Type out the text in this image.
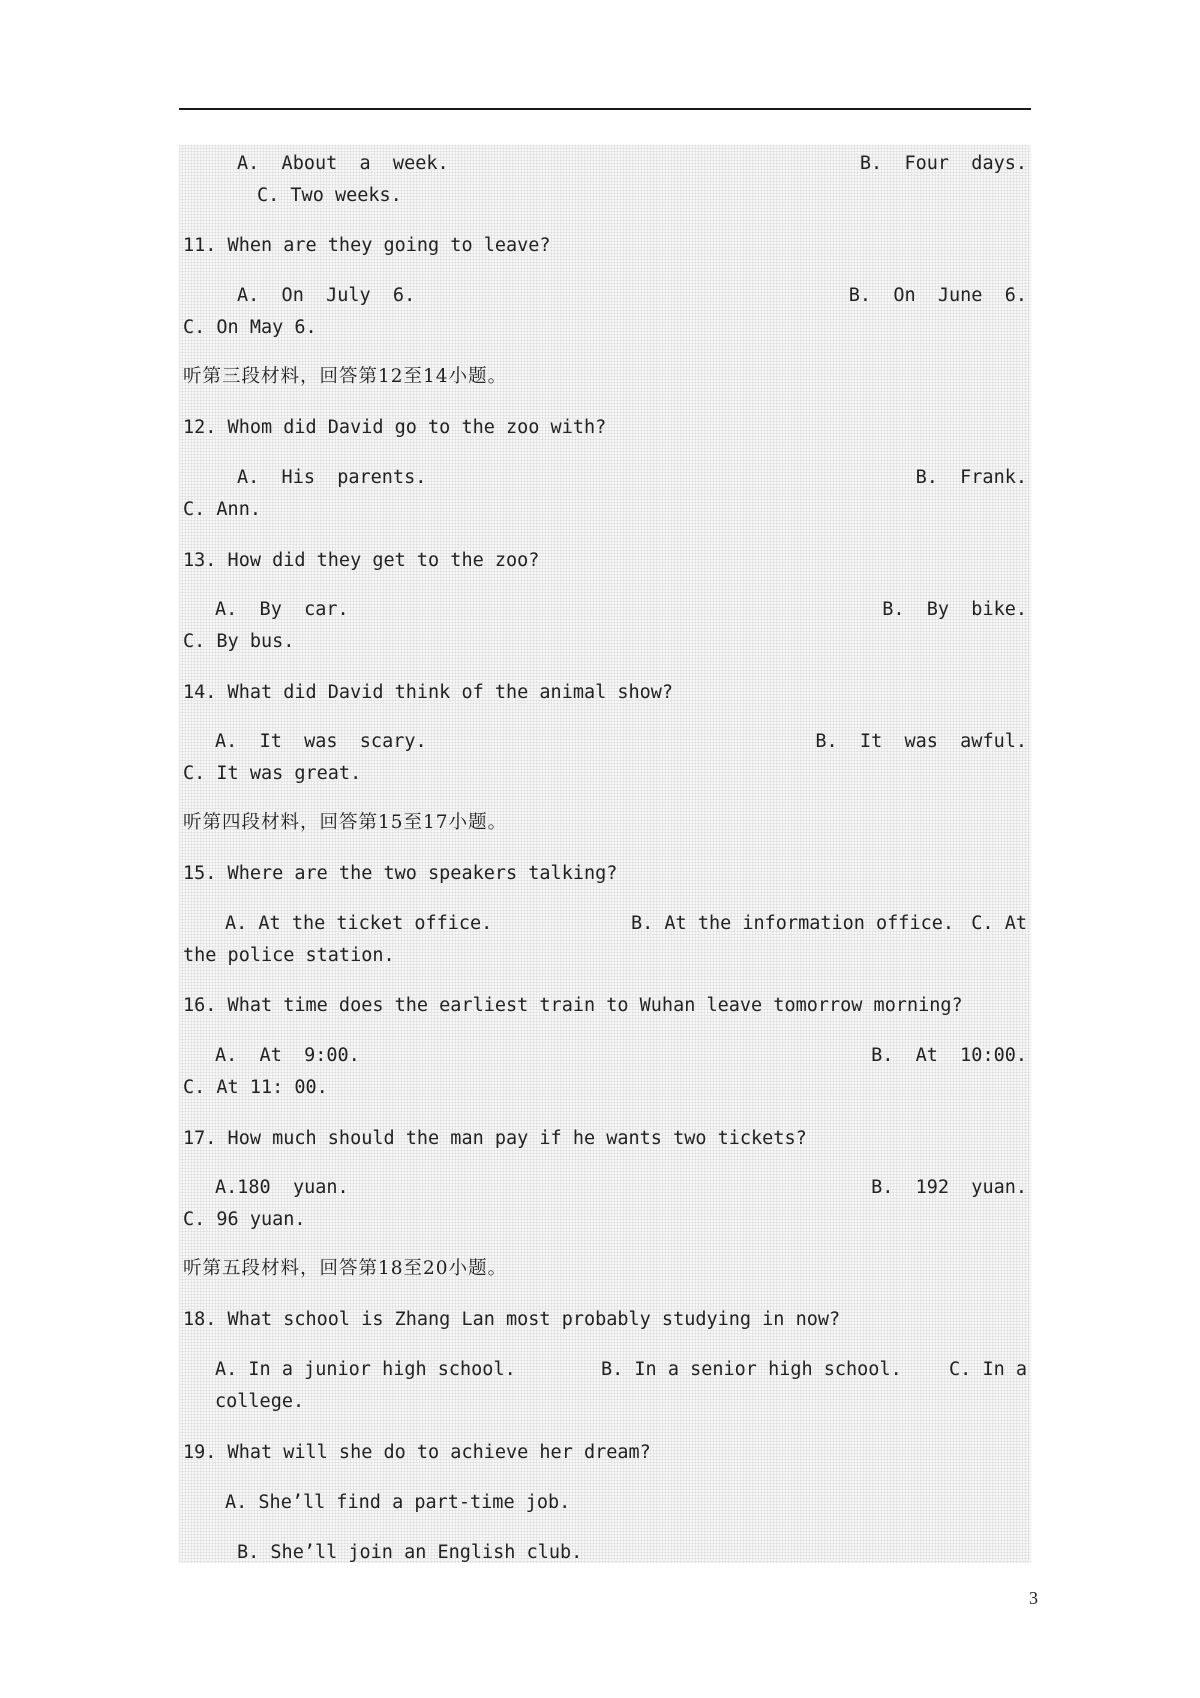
A.  About  a  week.	B.  Four  days.
C. Two weeks.
11. When are they going to leave?
A.  On  July  6.	B.  On  June  6.
C. On May 6.
听第三段材料，回答第12至14小题。
12. Whom did David go to the zoo with?
A.  His  parents.	B.  Frank.
C. Ann.
13. How did they get to the zoo?
A.  By  car.	B.  By  bike.
C. By bus.
14. What did David think of the animal show?
A.  It  was  scary.	B.  It  was  awful.
C. It was great.
听第四段材料，回答第15至17小题。
15. Where are the two speakers talking?
A. At the ticket office.	B. At the information office. C. At
the police station.
16. What time does the earliest train to Wuhan leave tomorrow morning?
A.  At  9:00.	B.  At  10:00.
C. At 11: 00.
17. How much should the man pay if he wants two tickets?
A.180  yuan.	B.  192  yuan.
C. 96 yuan.
听第五段材料，回答第18至20小题。
18. What school is Zhang Lan most probably studying in now?
A. In a junior high school.	B. In a senior high school.	C. In a
college.
19. What will she do to achieve her dream?
A. She’ll find a part-time job.
B. She’ll join an English club.
3
